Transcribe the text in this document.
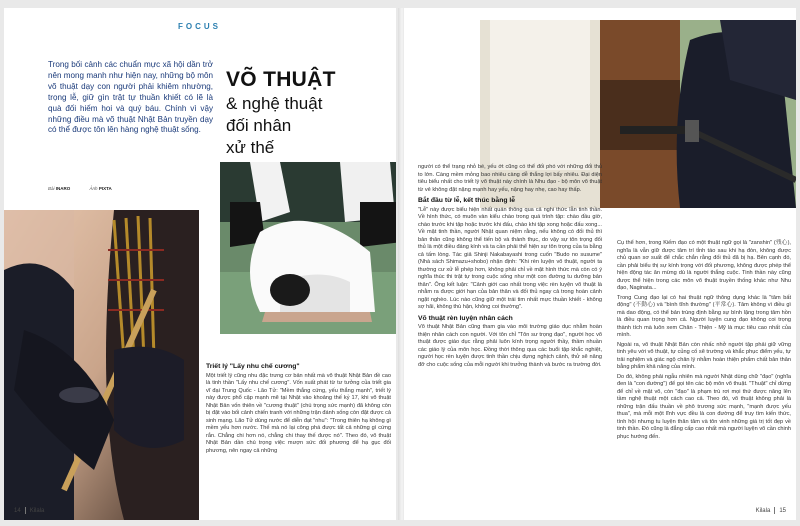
FOCUS
Trong bối cảnh các chuẩn mực xã hội dần trở nên mong manh như hiện nay, những bộ môn võ thuật dạy con người phải khiêm nhường, trọng lễ, giữ gìn trật tự thuần khiết có lẽ là quà đối hiếm hoi và quý báu. Chính vì vậy những điều mà võ thuật Nhật Bản truyền dạy có thể được tôn lên hàng nghệ thuật sống.
VÕ THUẬT
& nghệ thuật
đối nhân
xử thế
Bài INARO	Ảnh PIXTA
Triết lý "Lấy nhu chế cương"

Một triết lý cũng nhu đặc trưng cơ bản nhất mà võ thuật Nhật Bản đề cao là tinh thần "Lấy nhu chế cương". Vốn xuất phát từ tư tưởng của triết gia vĩ đại Trung Quốc - Lão Tử: "Mềm thắng cứng, yếu thắng mạnh", triết lý này được phổ cập mạnh mẽ tại Nhật vào khoảng thế kỷ 17, khi võ thuật Nhật Bản vốn thiên về "cương thuật" (chú trọng sức mạnh) đã không còn bị đặt vào bối cảnh chiến tranh với những trận đánh sống còn đặt được cả sinh mạng. Lão Tử dùng nước để diễn đạt "nhu": "Trong thiên hạ không gì mềm yếu hơn nước. Thế mà nó lại công phá được tất cả những gì cứng rắn. Chẳng chi hơn nó, chẳng chi thay thế được nó". Theo đó, võ thuật Nhật Bản dần chú trọng việc mượn sức đối phương để hạ gục đối phương, nên ngay cả những

14 Kilala

người có thể trạng nhỏ bé, yếu ớt cũng có thể đối phó với những đối thủ to lớn. Càng mềm mỏng bao nhiêu càng dễ thắng lợi bấy nhiêu. Đại diện tiêu biểu nhất cho triết lý võ thuật này chính là Nhu đạo - bộ môn võ thuật từ vẻ không đặt nặng mạnh hay yếu, nặng hay nhẹ, cao hay thấp.

Bắt đầu từ lễ, kết thúc bằng lễ

"Lễ" này được biểu hiện nhất quán thông qua cả nghi thức lẫn tinh thần. Về hình thức, có muôn vàn kiểu chào trong quá trình tập: chào đầu giờ, chào trước khi tập hoặc trước khi đấu, chào khi tập xong hoặc đấu xong... Về mặt tinh thần, người Nhật quan niệm rằng, nếu không có đối thủ thì bản thân cũng không thể tiến bộ và thành thục, do vậy sự tôn trọng đối thủ là một điều đáng kính và ta cần phải thể hiện sự tôn trọng của ta bằng cả tấm lòng. Tác giả Shinji Nakabayashi trong cuốn "Budo no susume" (Nhà sách Shimazu+shobo) nhận định: "Khi rèn luyện võ thuật, người ta thường cư xử lễ phép hơn, không phải chỉ về mặt hình thức mà còn có ý nghĩa thúc thi trật tự trong cuộc sống như một con đường tu dưỡng bản thân". Ông kết luận: "Cảnh giới cao nhất trong việc rèn luyện võ thuật là nhằm ra được giới hạn của bản thân và đối thủ ngay cả trong hoàn cảnh ngặt nghèo. Lúc nào cũng giữ một trái tim nhất mực thuần khiết - không sợ hãi, không thù hận, không coi thường".

Võ thuật rèn luyện nhân cách

Võ thuật Nhật Bản cũng tham gia vào môi trường giáo dục nhằm hoàn thiện nhân cách con người. Với tôn chỉ "Tôn sư trọng đạo", người học võ thuật được giáo dục rằng phải luôn kính trọng người thầy, thầm nhuần các giáo lý của môn học. Đồng thời thông qua các buổi tập khắc nghiệt, người học rèn luyện được tinh thần chịu đựng nghịch cảnh, thử sẽ nâng đỡ cho cuộc sống của mỗi người khi trưởng thành và bước ra trường đời.

Cụ thể hơn, trong Kiếm đạo có một thuật ngữ gọi là "zanshin" (残心), nghĩa là vẫn giữ được tâm trí tỉnh táo sau khi hạ đòn, không được chủ quan sơ suất để chắc chắn rằng đối thủ đã bị hạ. Bên cạnh đó, cần phải biểu thị sự kính trọng với đối phương, không được phép thể hiện động tác ăn mừng dù là người thắng cuộc. Tinh thần này cũng được thể hiện trong các môn võ thuật truyền thống khác như Nhu đạo, Naginata...

Trong Cung đạo lại có hai thuật ngữ thông dụng khác là "tâm bất động" (不動心) và "bình tĩnh thường" (平常心). Tâm không vì điều gì mà dao động, có thể bản trùng định bằng sự bình lặng trong tâm hồn là điều quan trọng hơn cả. Người luyện cung đạo không coi trọng thành tích mà luôn xem Chân - Thiện - Mỹ là mục tiêu cao nhất của mình.

Ngoài ra, võ thuật Nhật Bản còn nhấc nhở người tập phải giữ vững tinh yêu với võ thuật, tự củng cố sẽ trường và khắc phục điểm yếu, tự trải nghiệm và giác ngộ chân lý nhằm hoàn thiện phẩm chất bản thân bằng phẩm khả năng của mình.

Do đó, không phải ngẫu nhiên mà người Nhật dùng chữ "đạo" (nghĩa đen là "con đường") để gọi tên các bộ môn võ thuật. "Thuật" chỉ dừng để chỉ về mặt võ, còn "đạo" là phạm trù rơi mọi thứ được nâng lên tầm nghệ thuật một cách cao cả. Theo đó, võ thuật không phải là những trận đấu thuần về phô trương sức mạnh, "mạnh được yếu thua", mà mỗi một lĩnh vực đều là con đường để truy tìm kiến thức, tính hội nhưng tu luyện thân tâm và tôn vinh những giá trị tốt đẹp về tinh thần. Đó cũng là đẳng cấp cao nhất mà người luyện võ cần chinh phục hướng đến.

Kilala 15
